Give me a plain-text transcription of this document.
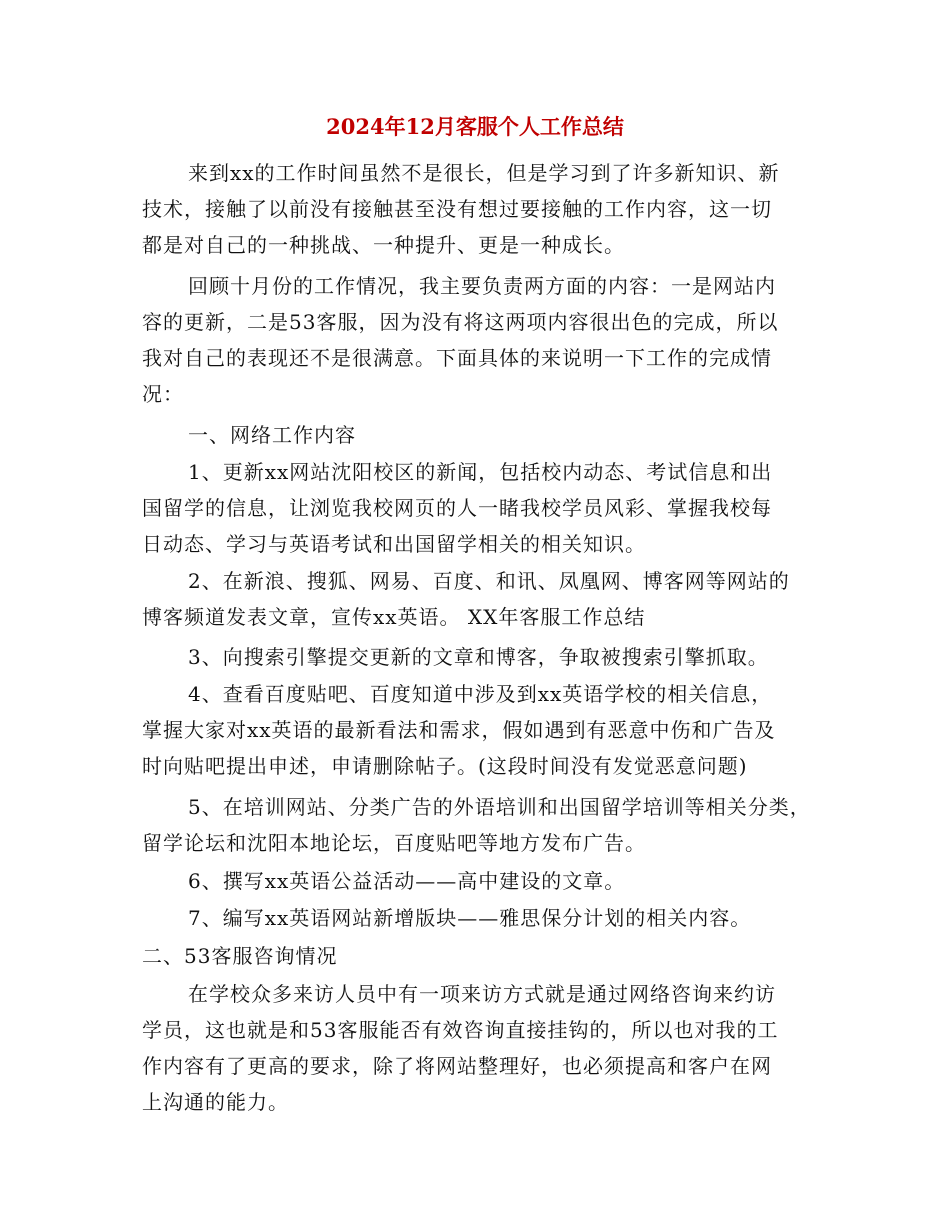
2024年12月客服个人工作总结
来到xx的工作时间虽然不是很长，但是学习到了许多新知识、新
技术，接触了以前没有接触甚至没有想过要接触的工作内容，这一切
都是对自己的一种挑战、一种提升、更是一种成长。
回顾十月份的工作情况，我主要负责两方面的内容：一是网站内
容的更新，二是53客服，因为没有将这两项内容很出色的完成，所以
我对自己的表现还不是很满意。下面具体的来说明一下工作的完成情
况：
一、网络工作内容
1、更新xx网站沈阳校区的新闻，包括校内动态、考试信息和出
国留学的信息，让浏览我校网页的人一睹我校学员风彩、掌握我校每
日动态、学习与英语考试和出国留学相关的相关知识。
2、在新浪、搜狐、网易、百度、和讯、凤凰网、博客网等网站的
博客频道发表文章，宣传xx英语。 XX年客服工作总结
3、向搜索引擎提交更新的文章和博客，争取被搜索引擎抓取。
4、查看百度贴吧、百度知道中涉及到xx英语学校的相关信息，
掌握大家对xx英语的最新看法和需求，假如遇到有恶意中伤和广告及
时向贴吧提出申述，申请删除帖子。(这段时间没有发觉恶意问题)
5、在培训网站、分类广告的外语培训和出国留学培训等相关分类，
留学论坛和沈阳本地论坛，百度贴吧等地方发布广告。
6、撰写xx英语公益活动——高中建设的文章。
7、编写xx英语网站新增版块——雅思保分计划的相关内容。
二、53客服咨询情况
在学校众多来访人员中有一项来访方式就是通过网络咨询来约访
学员，这也就是和53客服能否有效咨询直接挂钩的，所以也对我的工
作内容有了更高的要求，除了将网站整理好，也必须提高和客户在网
上沟通的能力。
